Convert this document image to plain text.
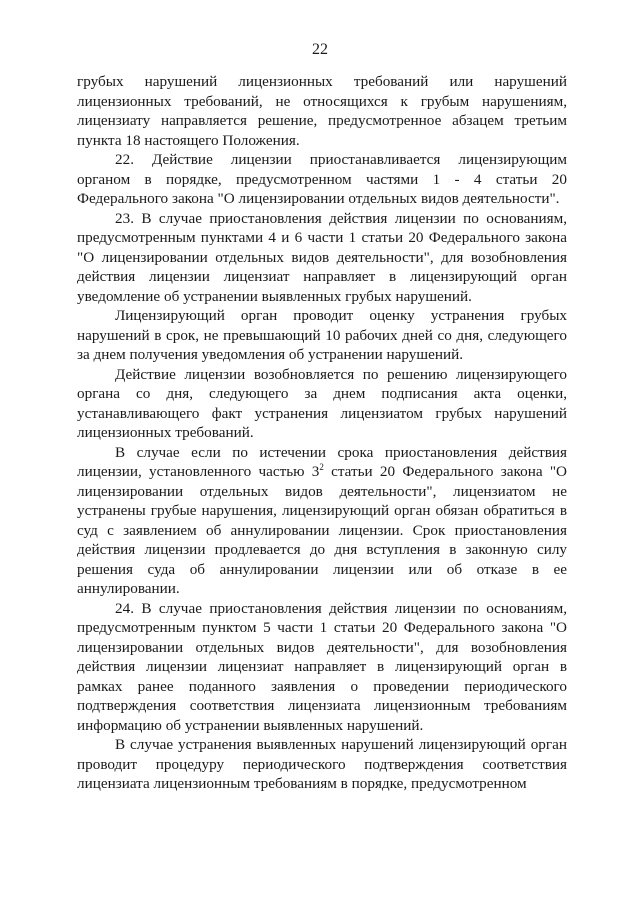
22

грубых нарушений лицензионных требований или нарушений лицензионных требований, не относящихся к грубым нарушениям, лицензиату направляется решение, предусмотренное абзацем третьим пункта 18 настоящего Положения.

22. Действие лицензии приостанавливается лицензирующим органом в порядке, предусмотренном частями 1 - 4 статьи 20 Федерального закона "О лицензировании отдельных видов деятельности".

23. В случае приостановления действия лицензии по основаниям, предусмотренным пунктами 4 и 6 части 1 статьи 20 Федерального закона "О лицензировании отдельных видов деятельности", для возобновления действия лицензии лицензиат направляет в лицензирующий орган уведомление об устранении выявленных грубых нарушений.

Лицензирующий орган проводит оценку устранения грубых нарушений в срок, не превышающий 10 рабочих дней со дня, следующего за днем получения уведомления об устранении нарушений.

Действие лицензии возобновляется по решению лицензирующего органа со дня, следующего за днем подписания акта оценки, устанавливающего факт устранения лицензиатом грубых нарушений лицензионных требований.

В случае если по истечении срока приостановления действия лицензии, установленного частью $3^2$ статьи 20 Федерального закона "О лицензировании отдельных видов деятельности", лицензиатом не устранены грубые нарушения, лицензирующий орган обязан обратиться в суд с заявлением об аннулировании лицензии. Срок приостановления действия лицензии продлевается до дня вступления в законную силу решения суда об аннулировании лицензии или об отказе в ее аннулировании.

24. В случае приостановления действия лицензии по основаниям, предусмотренным пунктом 5 части 1 статьи 20 Федерального закона "О лицензировании отдельных видов деятельности", для возобновления действия лицензии лицензиат направляет в лицензирующий орган в рамках ранее поданного заявления о проведении периодического подтверждения соответствия лицензиата лицензионным требованиям информацию об устранении выявленных нарушений.

В случае устранения выявленных нарушений лицензирующий орган проводит процедуру периодического подтверждения соответствия лицензиата лицензионным требованиям в порядке, предусмотренном
